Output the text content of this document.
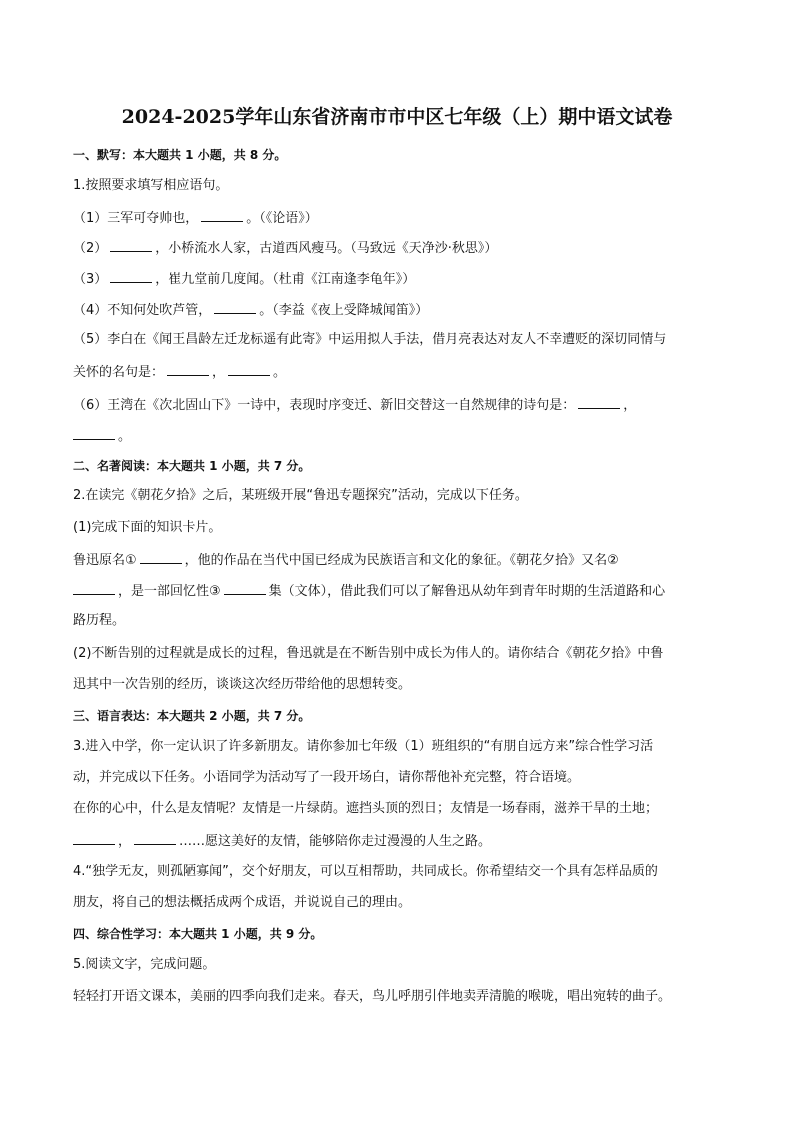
2024-2025学年山东省济南市市中区七年级（上）期中语文试卷
一、默写：本大题共 1 小题，共 8 分。
1.按照要求填写相应语句。
（1）三军可夺帅也，	。（《论语》）
（2）	，小桥流水人家，古道西风瘦马。（马致远《天净沙·秋思》）
（3）	，崔九堂前几度闻。（杜甫《江南逢李龟年》）
（4）不知何处吹芦管，	。（李益《夜上受降城闻笛》）
（5）李白在《闻王昌龄左迁龙标遥有此寄》中运用拟人手法，借月亮表达对友人不幸遭贬的深切同情与
关怀的名句是：	，	。
（6）王湾在《次北固山下》一诗中，表现时序变迁、新旧交替这一自然规律的诗句是：	，
。
二、名著阅读：本大题共 1 小题，共 7 分。
2.在读完《朝花夕拾》之后，某班级开展“鲁迅专题探究”活动，完成以下任务。
(1)完成下面的知识卡片。
鲁迅原名①	，他的作品在当代中国已经成为民族语言和文化的象征。《朝花夕拾》又名②
，是一部回忆性③	集（文体），借此我们可以了解鲁迅从幼年到青年时期的生活道路和心
路历程。
(2)不断告别的过程就是成长的过程，鲁迅就是在不断告别中成长为伟人的。请你结合《朝花夕拾》中鲁
迅其中一次告别的经历，谈谈这次经历带给他的思想转变。
三、语言表达：本大题共 2 小题，共 7 分。
3.进入中学，你一定认识了许多新朋友。请你参加七年级（1）班组织的“有朋自远方来”综合性学习活
动，并完成以下任务。小语同学为活动写了一段开场白，请你帮他补充完整，符合语境。
在你的心中，什么是友情呢？友情是一片绿荫。遮挡头顶的烈日；友情是一场春雨，滋养干旱的土地；
，	……愿这美好的友情，能够陪你走过漫漫的人生之路。
4.“独学无友，则孤陋寡闻”，交个好朋友，可以互相帮助，共同成长。你希望结交一个具有怎样品质的
朋友，将自己的想法概括成两个成语，并说说自己的理由。
四、综合性学习：本大题共 1 小题，共 9 分。
5.阅读文字，完成问题。
轻轻打开语文课本，美丽的四季向我们走来。春天，鸟儿呼朋引伴地卖弄清脆的喉咙，唱出宛转的曲子。
